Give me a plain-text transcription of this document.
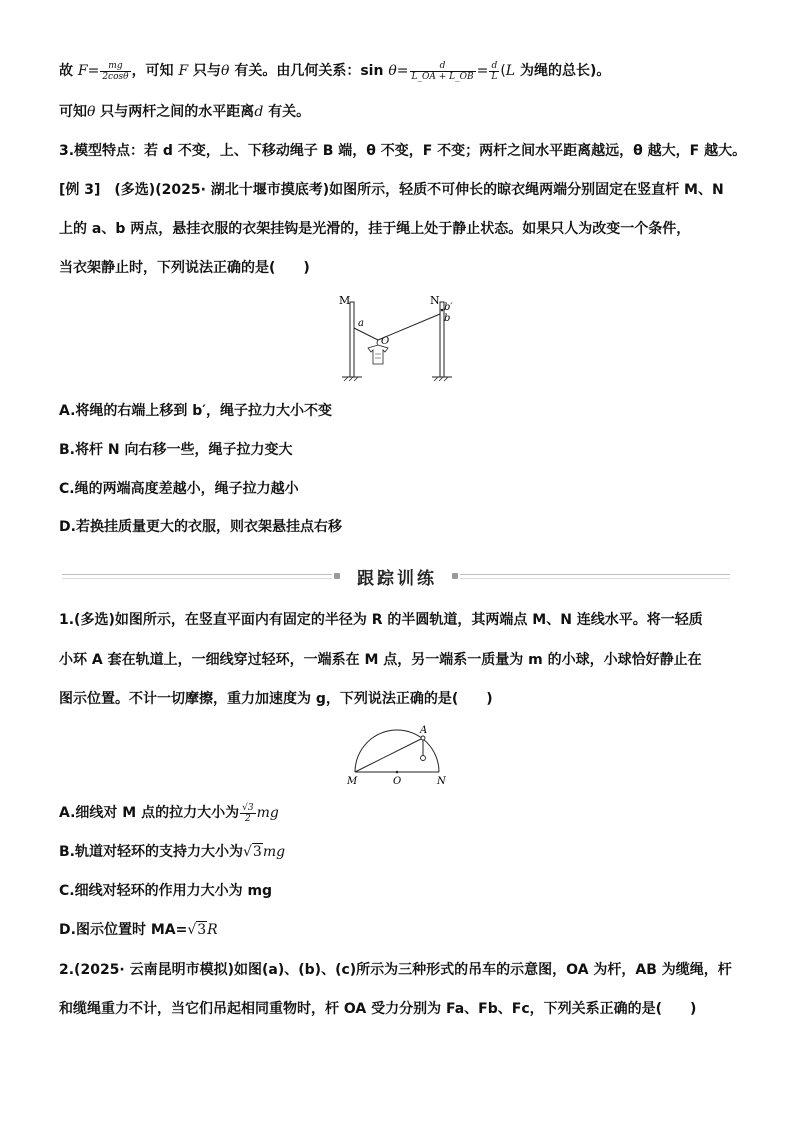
故 $F= \frac{mg}{2\cos\theta}$ ，可知 F 只与θ 有关。由几何关系：$\sin \theta= \frac{d}{L\_OA + L\_OB} = \frac{d}{L} (L$ 为绳的总长)。
可知θ 只与两杆之间的水平距离d 有关。
3.模型特点：若 d 不变，上、下移动绳子 B 端，θ 不变，F 不变；两杆之间水平距离越远，θ 越大，F 越大。
[例 3]　(多选)(2025· 湖北十堰市摸底考)如图所示，轻质不可伸长的晾衣绳两端分别固定在竖直杆 M、N
上的 a、b 两点，悬挂衣服的衣架挂钩是光滑的，挂于绳上处于静止状态。如果只人为改变一个条件，
当衣架静止时，下列说法正确的是(　　)
M	N
a	b
b′
O
A.将绳的右端上移到 b′，绳子拉力大小不变
B.将杆 N 向右移一些，绳子拉力变大
C.绳的两端高度差越小，绳子拉力越小
D.若换挂质量更大的衣服，则衣架悬挂点右移
跟踪训练
1.(多选)如图所示，在竖直平面内有固定的半径为 R 的半圆轨道，其两端点 M、N 连线水平。将一轻质
小环 A 套在轨道上，一细线穿过轻环，一端系在 M 点，另一端系一质量为 m 的小球，小球恰好静止在
图示位置。不计一切摩擦，重力加速度为 g，下列说法正确的是(　　)
A
M	O	N
A.细线对 M 点的拉力大小为 $\frac{√3}{2}$ mg
B.轨道对轻环的支持力大小为√3mg
C.细线对轻环的作用力大小为 mg
D.图示位置时 MA=√3R
2.(2025· 云南昆明市模拟)如图(a)、(b)、(c)所示为三种形式的吊车的示意图，OA 为杆，AB 为缆绳，杆
和缆绳重力不计，当它们吊起相同重物时，杆 OA 受力分别为 Fa、Fb、Fc，下列关系正确的是(　　)
